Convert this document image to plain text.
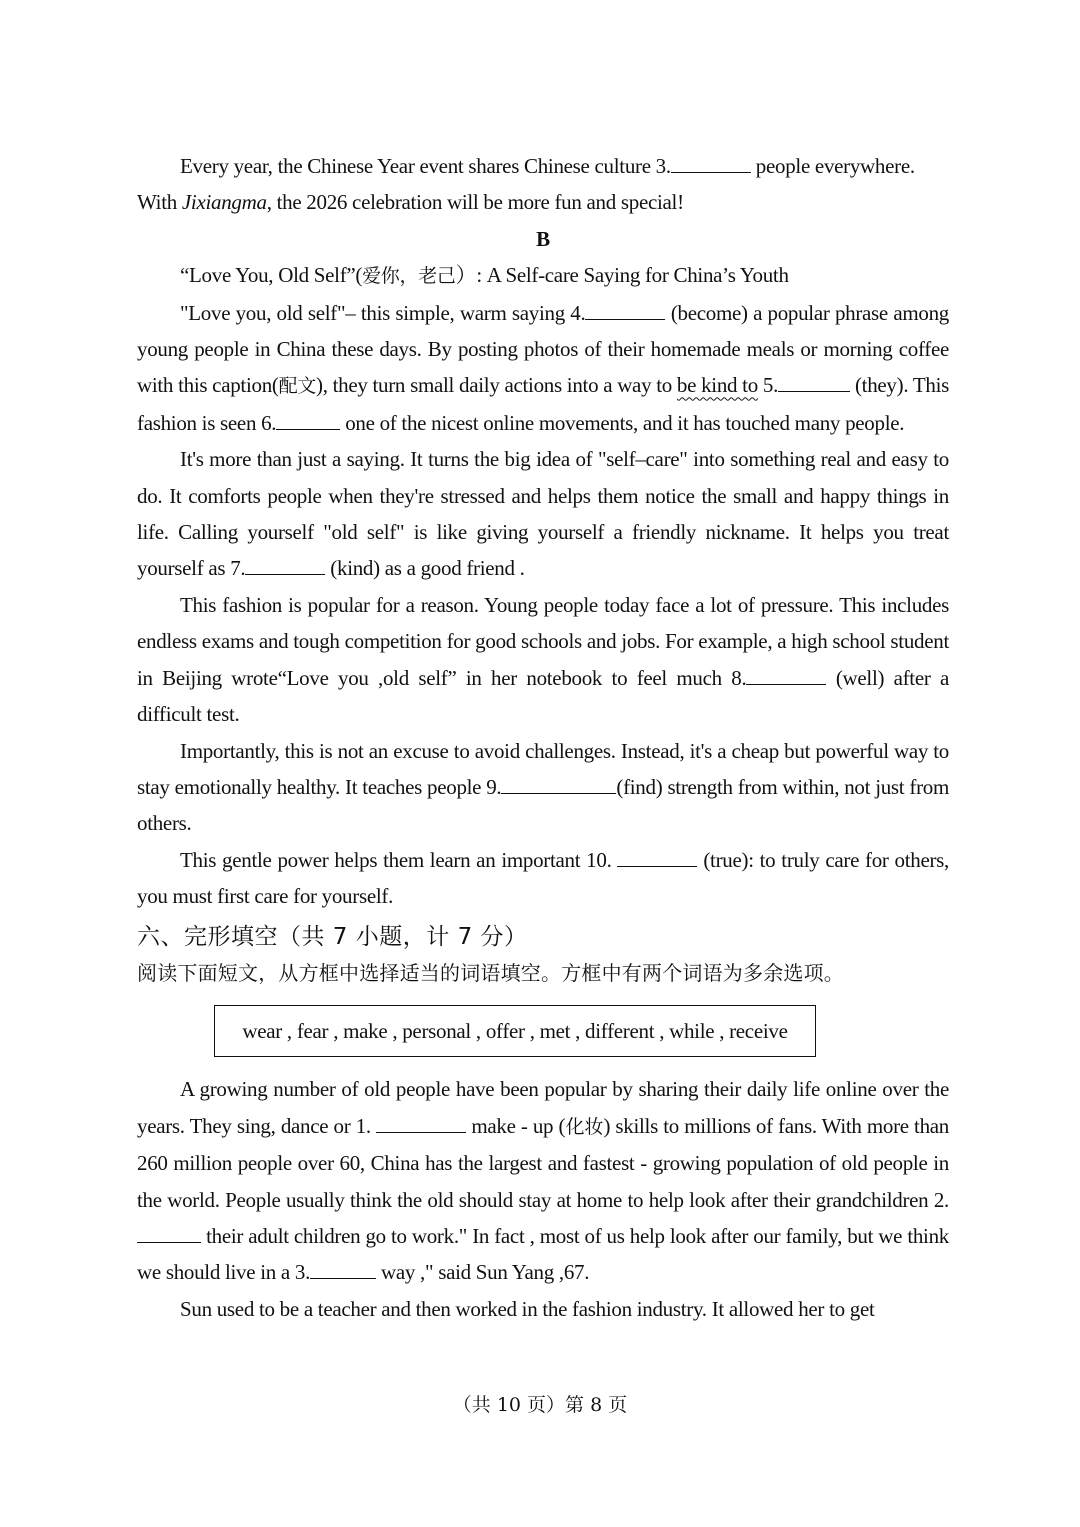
Every year, the Chinese Year event shares Chinese culture 3.	people everywhere.
With Jixiangma, the 2026 celebration will be more fun and special!

B

“Love You, Old Self”(爱你，老己）: A Self-care Saying for China’s Youth

"Love you, old self"– this simple, warm saying 4.	(become) a popular phrase among young people in China these days. By posting photos of their homemade meals or morning coffee with this caption(配文), they turn small daily actions into a way to be kind to 5.	(they). This fashion is seen 6.	one of the nicest online movements, and it has touched many people.

It's more than just a saying. It turns the big idea of "self–care" into something real and easy to do. It comforts people when they're stressed and helps them notice the small and happy things in life. Calling yourself "old self" is like giving yourself a friendly nickname. It helps you treat yourself as 7.	(kind) as a good friend .

This fashion is popular for a reason. Young people today face a lot of pressure. This includes endless exams and tough competition for good schools and jobs. For example, a high school student in Beijing wrote“Love you ,old self” in her notebook to feel much 8.	(well) after a difficult test.

Importantly, this is not an excuse to avoid challenges. Instead, it's a cheap but powerful way to stay emotionally healthy. It teaches people 9.	(find) strength from within, not just from others.

This gentle power helps them learn an important 10.	(true): to truly care for others, you must first care for yourself.

六、完形填空（共 7 小题，计 7 分）

阅读下面短文，从方框中选择适当的词语填空。方框中有两个词语为多余选项。

wear , fear , make , personal , offer , met , different , while , receive

A growing number of old people have been popular by sharing their daily life online over the years. They sing, dance or 1.	make - up (化妆) skills to millions of fans. With more than 260 million people over 60, China has the largest and fastest - growing population of old people in the world. People usually think the old should stay at home to help look after their grandchildren 2. their adult children go to work." In fact , most of us help look after our family, but we think we should live in a 3.	way ," said Sun Yang ,67.

Sun used to be a teacher and then worked in the fashion industry. It allowed her to get

（共 10 页）第 8 页
